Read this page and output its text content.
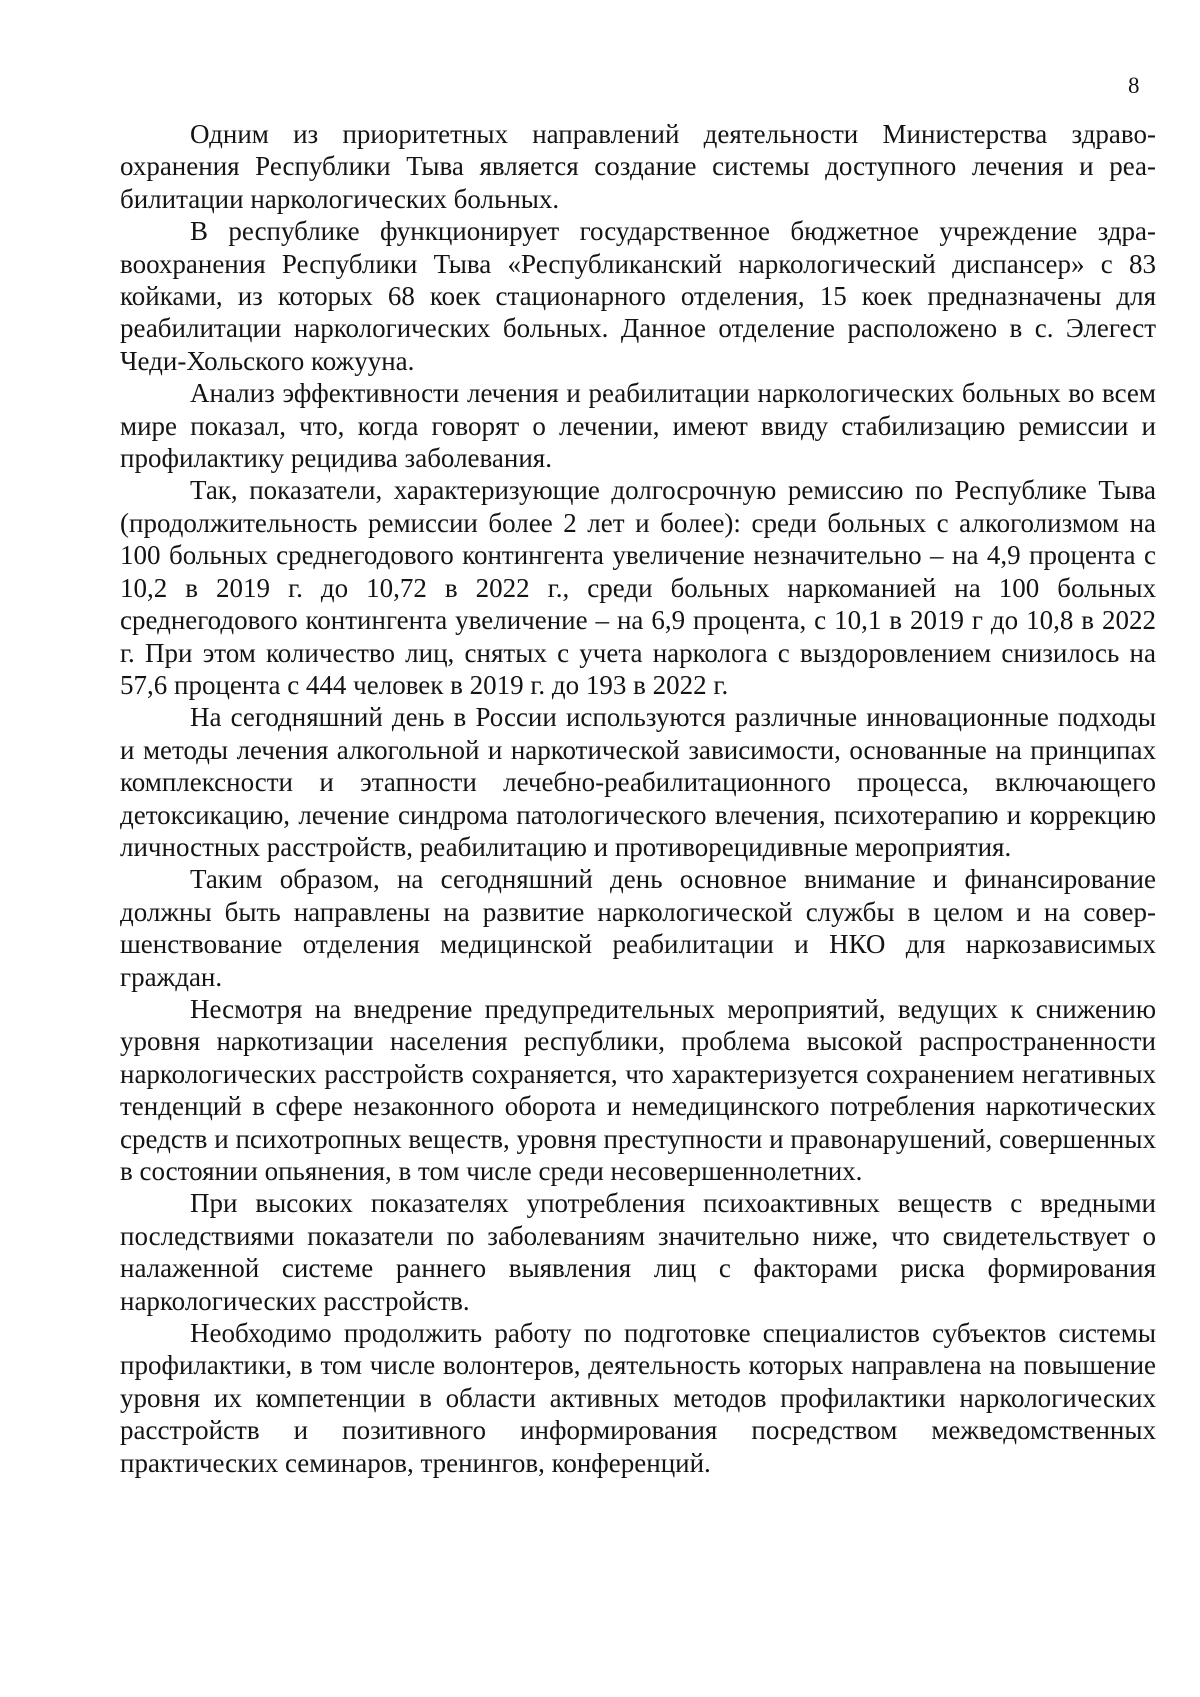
8

Одним из приоритетных направлений деятельности Министерства здравоохранения Республики Тыва является создание системы доступного лечения и реабилитации наркологических больных.

В республике функционирует государственное бюджетное учреждение здравоохранения Республики Тыва «Республиканский наркологический диспансер» с 83 койками, из которых 68 коек стационарного отделения, 15 коек предназначены для реабилитации наркологических больных. Данное отделение расположено в с. Элегест Чеди-Хольского кожууна.

Анализ эффективности лечения и реабилитации наркологических больных во всем мире показал, что, когда говорят о лечении, имеют ввиду стабилизацию ремиссии и профилактику рецидива заболевания.

Так, показатели, характеризующие долгосрочную ремиссию по Республике Тыва (продолжительность ремиссии более 2 лет и более): среди больных с алкоголизмом на 100 больных среднегодового контингента увеличение незначительно – на 4,9 процента с 10,2 в 2019 г. до 10,72 в 2022 г., среди больных наркоманией на 100 больных среднегодового контингента увеличение – на 6,9 процента, с 10,1 в 2019 г до 10,8 в 2022 г. При этом количество лиц, снятых с учета нарколога с выздоровлением снизилось на 57,6 процента с 444 человек в 2019 г. до 193 в 2022 г.

На сегодняшний день в России используются различные инновационные подходы и методы лечения алкогольной и наркотической зависимости, основанные на принципах комплексности и этапности лечебно-реабилитационного процесса, включающего детоксикацию, лечение синдрома патологического влечения, психотерапию и коррекцию личностных расстройств, реабилитацию и противорецидивные мероприятия.

Таким образом, на сегодняшний день основное внимание и финансирование должны быть направлены на развитие наркологической службы в целом и на совершенствование отделения медицинской реабилитации и НКО для наркозависимых граждан.

Несмотря на внедрение предупредительных мероприятий, ведущих к снижению уровня наркотизации населения республики, проблема высокой распространенности наркологических расстройств сохраняется, что характеризуется сохранением негативных тенденций в сфере незаконного оборота и немедицинского потребления наркотических средств и психотропных веществ, уровня преступности и правонарушений, совершенных в состоянии опьянения, в том числе среди несовершеннолетних.

При высоких показателях употребления психоактивных веществ с вредными последствиями показатели по заболеваниям значительно ниже, что свидетельствует о налаженной системе раннего выявления лиц с факторами риска формирования наркологических расстройств.

Необходимо продолжить работу по подготовке специалистов субъектов системы профилактики, в том числе волонтеров, деятельность которых направлена на повышение уровня их компетенции в области активных методов профилактики наркологических расстройств и позитивного информирования посредством межведомственных практических семинаров, тренингов, конференций.
